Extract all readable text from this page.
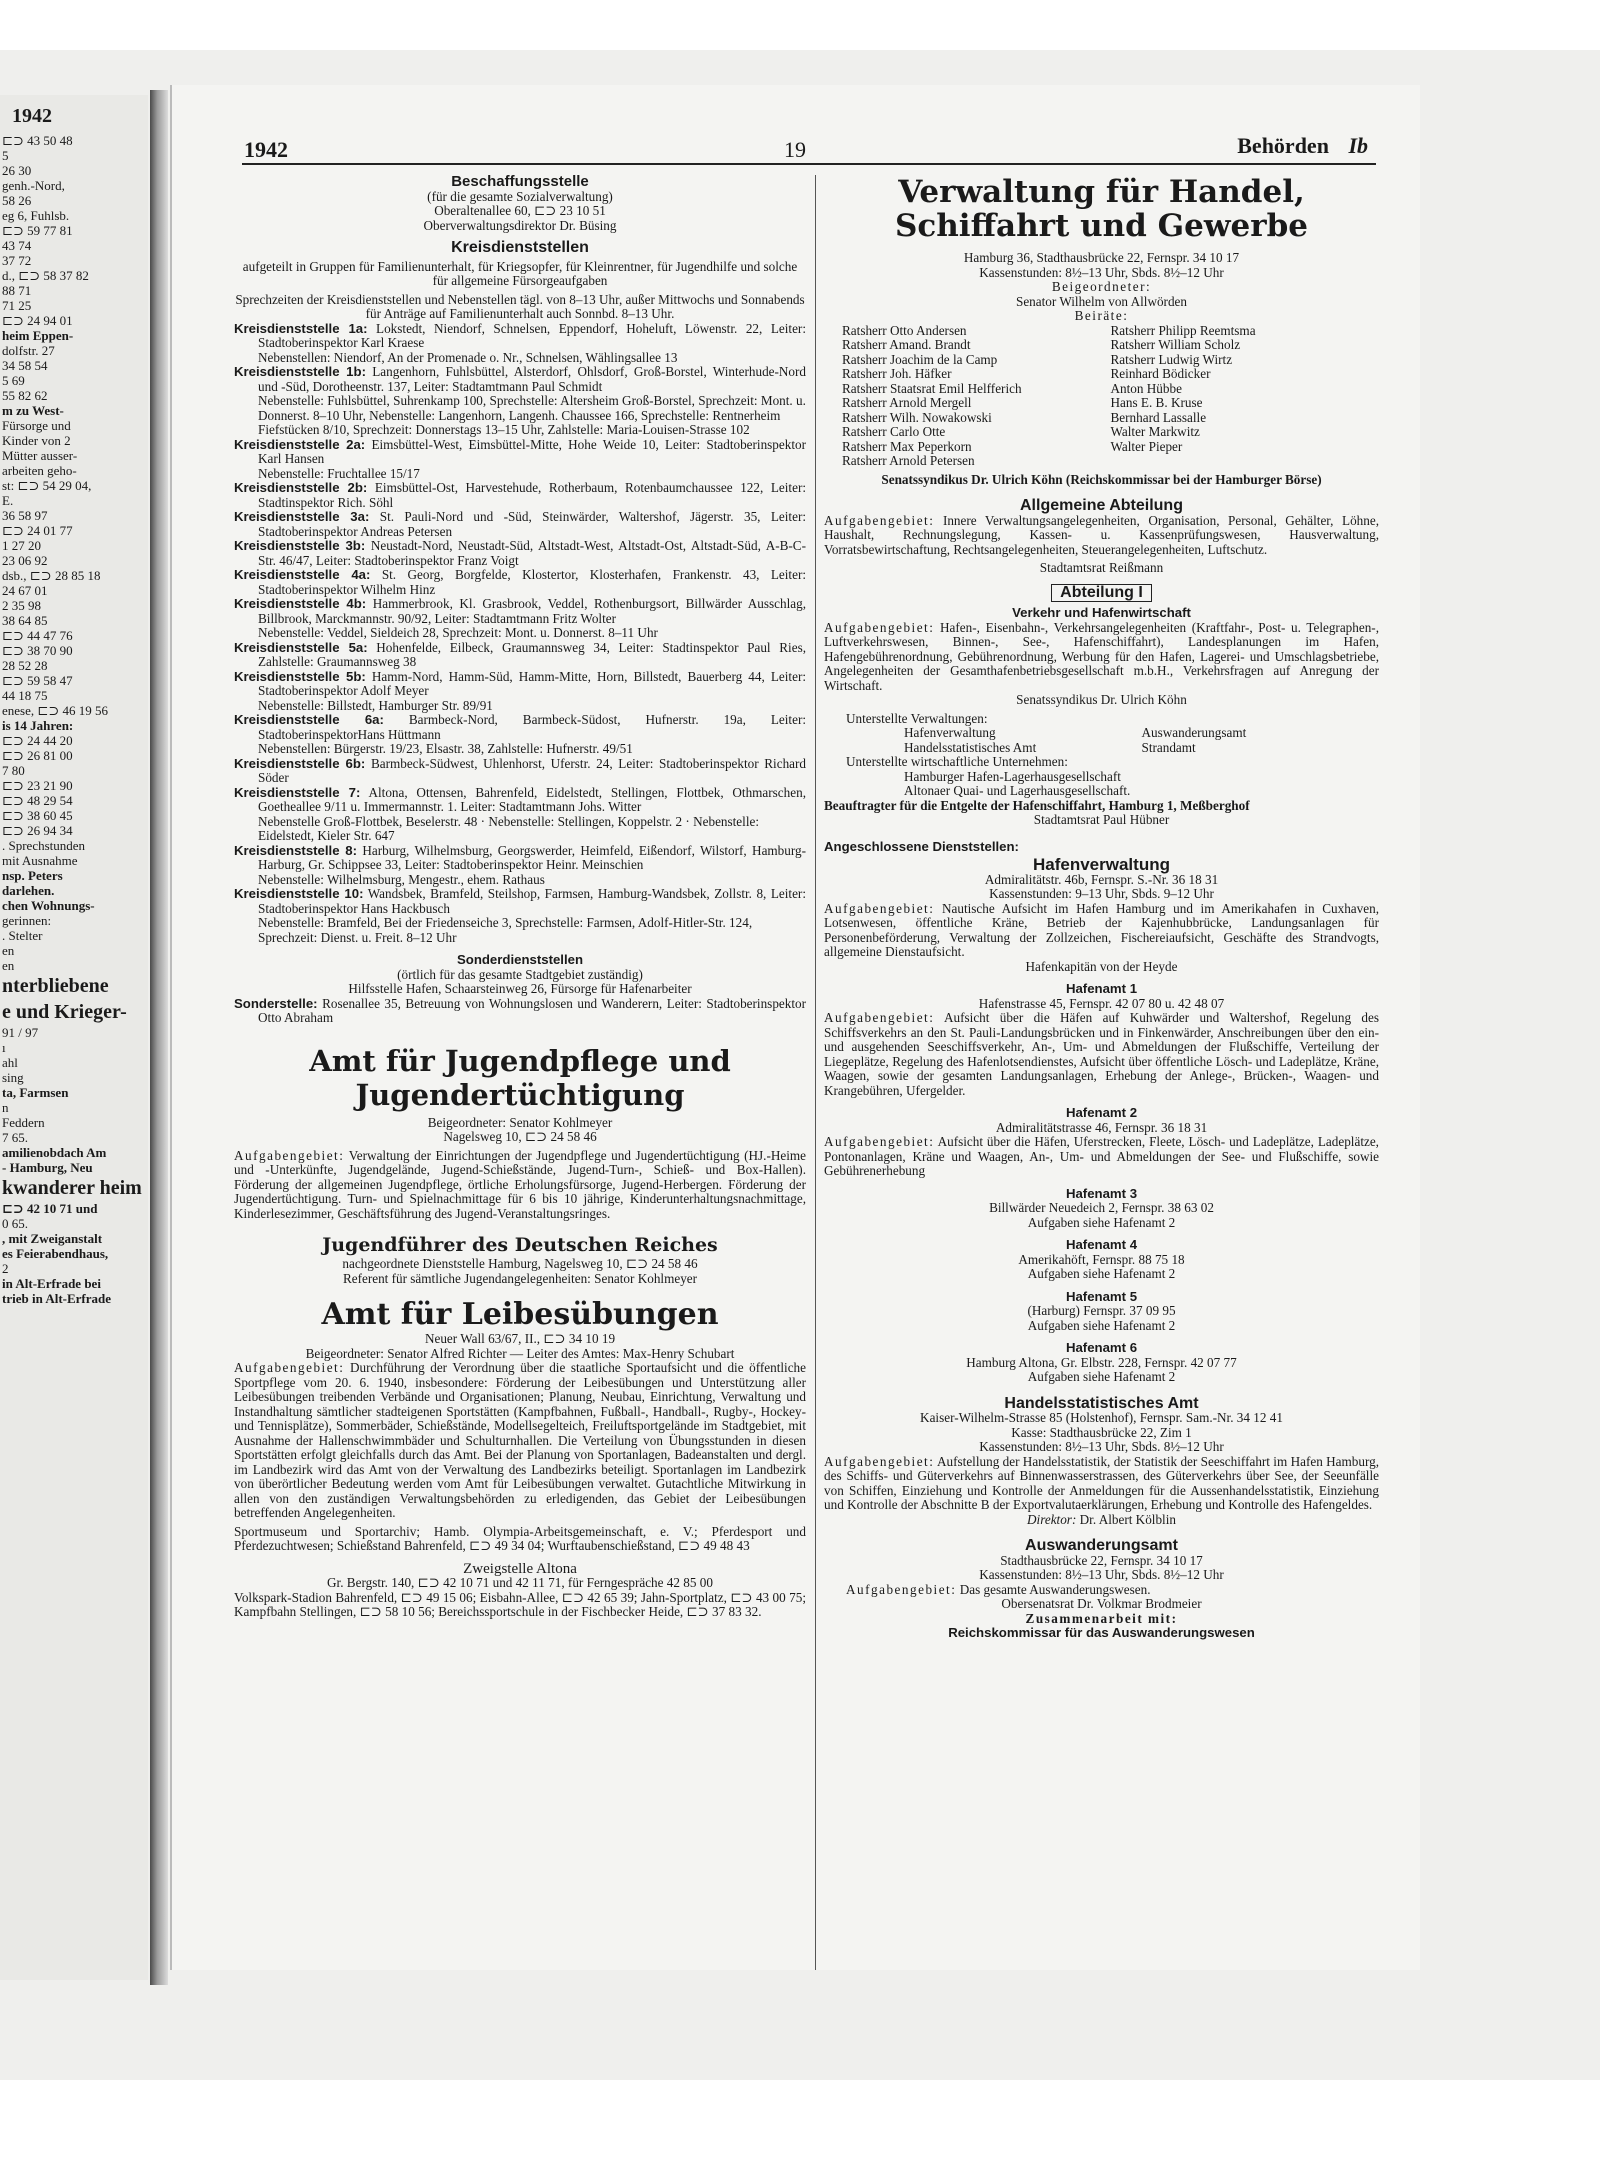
1942
⊏⊃ 43 50 48
5
26 30
genh.-Nord,
58 26
eg 6, Fuhlsb.
⊏⊃ 59 77 81
43 74
37 72
d., ⊏⊃ 58 37 82
88 71
71 25
⊏⊃ 24 94 01
heim Eppen-
dolfstr. 27
34 58 54
5 69
55 82 62
m zu West-
Fürsorge und
Kinder von 2
Mütter ausser-
arbeiten geho-
st: ⊏⊃ 54 29 04,
E.
36 58 97
⊏⊃ 24 01 77
1 27 20
23 06 92
dsb., ⊏⊃ 28 85 18
24 67 01
2 35 98
38 64 85
⊏⊃ 44 47 76
⊏⊃ 38 70 90
28 52 28
⊏⊃ 59 58 47
44 18 75
enese, ⊏⊃ 46 19 56
is 14 Jahren:
⊏⊃ 24 44 20
⊏⊃ 26 81 00
7 80
⊏⊃ 23 21 90
⊏⊃ 48 29 54
⊏⊃ 38 60 45
⊏⊃ 26 94 34
. Sprechstunden
mit Ausnahme
nsp. Peters
darlehen.
chen Wohnungs-
gerinnen:
. Stelter
en
en
nterbliebene
e und Krieger-
91 / 97
ı
ahl
sing
ta, Farmsen
n
Feddern
7 65.
amilienobdach Am
- Hamburg, Neu
kwanderer heim
⊏⊃ 42 10 71 und
0 65.
, mit Zweiganstalt
es Feierabendhaus,
2
in Alt-Erfrade bei
trieb in Alt-Erfrade
1942	19	Behörden Ib
Beschaffungsstelle
(für die gesamte Sozialverwaltung)
Oberaltenallee 60, ⊏⊃ 23 10 51
Oberverwaltungsdirektor Dr. Büsing
Kreisdienststellen
aufgeteilt in Gruppen für Familienunterhalt, für Kriegsopfer, für Kleinrentner, für Jugendhilfe und solche für allgemeine Fürsorgeaufgaben
Sprechzeiten der Kreisdienststellen und Nebenstellen tägl. von 8–13 Uhr, außer Mittwochs und Sonnabends
für Anträge auf Familienunterhalt auch Sonnbd. 8–13 Uhr.
Kreisdienststelle 1a: Lokstedt, Niendorf, Schnelsen, Eppendorf, Hoheluft, Löwenstr. 22, Leiter: Stadtoberinspektor Karl Kraese
Nebenstellen: Niendorf, An der Promenade o. Nr., Schnelsen, Wählingsallee 13
Kreisdienststelle 1b: Langenhorn, Fuhlsbüttel, Alsterdorf, Ohlsdorf, Groß-Borstel, Winterhude-Nord und -Süd, Dorotheenstr. 137, Leiter: Stadtamtmann Paul Schmidt
Nebenstelle: Fuhlsbüttel, Suhrenkamp 100, Sprechstelle: Altersheim Groß-Borstel, Sprechzeit: Mont. u. Donnerst. 8–10 Uhr, Nebenstelle: Langenhorn, Langenh. Chaussee 166, Sprechstelle: Rentnerheim Fiefstücken 8/10, Sprechzeit: Donnerstags 13–15 Uhr, Zahlstelle: Maria-Louisen-Strasse 102
Kreisdienststelle 2a: Eimsbüttel-West, Eimsbüttel-Mitte, Hohe Weide 10, Leiter: Stadtoberinspektor Karl Hansen
Nebenstelle: Fruchtallee 15/17
Kreisdienststelle 2b: Eimsbüttel-Ost, Harvestehude, Rotherbaum, Rotenbaumchaussee 122, Leiter: Stadtinspektor Rich. Söhl
Kreisdienststelle 3a: St. Pauli-Nord und -Süd, Steinwärder, Waltershof, Jägerstr. 35, Leiter: Stadtoberinspektor Andreas Petersen
Kreisdienststelle 3b: Neustadt-Nord, Neustadt-Süd, Altstadt-West, Altstadt-Ost, Altstadt-Süd, A-B-C-Str. 46/47, Leiter: Stadtoberinspektor Franz Voigt
Kreisdienststelle 4a: St. Georg, Borgfelde, Klostertor, Klosterhafen, Frankenstr. 43, Leiter: Stadtoberinspektor Wilhelm Hinz
Kreisdienststelle 4b: Hammerbrook, Kl. Grasbrook, Veddel, Rothenburgsort, Billwärder Ausschlag, Billbrook, Marckmannstr. 90/92, Leiter: Stadtamtmann Fritz Wolter
Nebenstelle: Veddel, Sieldeich 28, Sprechzeit: Mont. u. Donnerst. 8–11 Uhr
Kreisdienststelle 5a: Hohenfelde, Eilbeck, Graumannsweg 34, Leiter: Stadtinspektor Paul Ries, Zahlstelle: Graumannsweg 38
Kreisdienststelle 5b: Hamm-Nord, Hamm-Süd, Hamm-Mitte, Horn, Billstedt, Bauerberg 44, Leiter: Stadtoberinspektor Adolf Meyer
Nebenstelle: Billstedt, Hamburger Str. 89/91
Kreisdienststelle 6a: Barmbeck-Nord, Barmbeck-Südost, Hufnerstr. 19a, Leiter: StadtoberinspektorHans Hüttmann
Nebenstellen: Bürgerstr. 19/23, Elsastr. 38, Zahlstelle: Hufnerstr. 49/51
Kreisdienststelle 6b: Barmbeck-Südwest, Uhlenhorst, Uferstr. 24, Leiter: Stadtoberinspektor Richard Söder
Kreisdienststelle 7: Altona, Ottensen, Bahrenfeld, Eidelstedt, Stellingen, Flottbek, Othmarschen, Goetheallee 9/11 u. Immermannstr. 1. Leiter: Stadtamtmann Johs. Witter
Nebenstelle Groß-Flottbek, Beselerstr. 48 · Nebenstelle: Stellingen, Koppelstr. 2 · Nebenstelle: Eidelstedt, Kieler Str. 647
Kreisdienststelle 8: Harburg, Wilhelmsburg, Georgswerder, Heimfeld, Eißendorf, Wilstorf, Hamburg-Harburg, Gr. Schippsee 33, Leiter: Stadtoberinspektor Heinr. Meinschien
Nebenstelle: Wilhelmsburg, Mengestr., ehem. Rathaus
Kreisdienststelle 10: Wandsbek, Bramfeld, Steilshop, Farmsen, Hamburg-Wandsbek, Zollstr. 8, Leiter: Stadtoberinspektor Hans Hackbusch
Nebenstelle: Bramfeld, Bei der Friedenseiche 3, Sprechstelle: Farmsen, Adolf-Hitler-Str. 124, Sprechzeit: Dienst. u. Freit. 8–12 Uhr
Sonderdienststellen
(örtlich für das gesamte Stadtgebiet zuständig)
Hilfsstelle Hafen, Schaarsteinweg 26, Fürsorge für Hafenarbeiter
Sonderstelle: Rosenallee 35, Betreuung von Wohnungslosen und Wanderern, Leiter: Stadtoberinspektor Otto Abraham
Amt für Jugendpflege und Jugendertüchtigung
Beigeordneter: Senator Kohlmeyer
Nagelsweg 10, ⊏⊃ 24 58 46
Aufgabengebiet: Verwaltung der Einrichtungen der Jugendpflege und Jugendertüchtigung (HJ.-Heime und -Unterkünfte, Jugendgelände, Jugend-Schießstände, Jugend-Turn-, Schieß- und Box-Hallen). Förderung der allgemeinen Jugendpflege, örtliche Erholungsfürsorge, Jugend-Herbergen. Förderung der Jugendertüchtigung. Turn- und Spielnachmittage für 6 bis 10 jährige, Kinderunterhaltungsnachmittage, Kinderlesezimmer, Geschäftsführung des Jugend-Veranstaltungsringes.
Jugendführer des Deutschen Reiches
nachgeordnete Dienststelle Hamburg, Nagelsweg 10, ⊏⊃ 24 58 46
Referent für sämtliche Jugendangelegenheiten: Senator Kohlmeyer
Amt für Leibesübungen
Neuer Wall 63/67, II., ⊏⊃ 34 10 19
Beigeordneter: Senator Alfred Richter — Leiter des Amtes: Max-Henry Schubart
Aufgabengebiet: Durchführung der Verordnung über die staatliche Sportaufsicht und die öffentliche Sportpflege vom 20. 6. 1940, insbesondere: Förderung der Leibesübungen und Unterstützung aller Leibesübungen treibenden Verbände und Organisationen; Planung, Neubau, Einrichtung, Verwaltung und Instandhaltung sämtlicher stadteigenen Sportstätten (Kampfbahnen, Fußball-, Handball-, Rugby-, Hockey- und Tennisplätze), Sommerbäder, Schießstände, Modellsegelteich, Freiluftsportgelände im Stadtgebiet, mit Ausnahme der Hallenschwimmbäder und Schulturnhallen. Die Verteilung von Übungsstunden in diesen Sportstätten erfolgt gleichfalls durch das Amt. Bei der Planung von Sportanlagen, Badeanstalten und dergl. im Landbezirk wird das Amt von der Verwaltung des Landbezirks beteiligt. Sportanlagen im Landbezirk von überörtlicher Bedeutung werden vom Amt für Leibesübungen verwaltet. Gutachtliche Mitwirkung in allen von den zuständigen Verwaltungsbehörden zu erledigenden, das Gebiet der Leibesübungen betreffenden Angelegenheiten.
Sportmuseum und Sportarchiv; Hamb. Olympia-Arbeitsgemeinschaft, e. V.; Pferdesport und Pferdezuchtwesen; Schießstand Bahrenfeld, ⊏⊃ 49 34 04; Wurftaubenschießstand, ⊏⊃ 49 48 43
Zweigstelle Altona
Gr. Bergstr. 140, ⊏⊃ 42 10 71 und 42 11 71, für Ferngespräche 42 85 00
Volkspark-Stadion Bahrenfeld, ⊏⊃ 49 15 06; Eisbahn-Allee, ⊏⊃ 42 65 39; Jahn-Sportplatz, ⊏⊃ 43 00 75; Kampfbahn Stellingen, ⊏⊃ 58 10 56; Bereichssportschule in der Fischbecker Heide, ⊏⊃ 37 83 32.
Verwaltung für Handel, Schiffahrt und Gewerbe
Hamburg 36, Stadthausbrücke 22, Fernspr. 34 10 17
Kassenstunden: 8½–13 Uhr, Sbds. 8½–12 Uhr
Beigeordneter:
Senator Wilhelm von Allwörden
Beiräte:
Ratsherr Otto Andersen
Ratsherr Amand. Brandt
Ratsherr Joachim de la Camp
Ratsherr Joh. Häfker
Ratsherr Staatsrat Emil Helfferich
Ratsherr Arnold Mergell
Ratsherr Wilh. Nowakowski
Ratsherr Carlo Otte
Ratsherr Max Peperkorn
Ratsherr Arnold Petersen
Ratsherr Philipp Reemtsma
Ratsherr William Scholz
Ratsherr Ludwig Wirtz
Reinhard Bödicker
Anton Hübbe
Hans E. B. Kruse
Bernhard Lassalle
Walter Markwitz
Walter Pieper
Senatssyndikus Dr. Ulrich Köhn (Reichskommissar bei der Hamburger Börse)
Allgemeine Abteilung
Aufgabengebiet: Innere Verwaltungsangelegenheiten, Organisation, Personal, Gehälter, Löhne, Haushalt, Rechnungslegung, Kassen- u. Kassenprüfungswesen, Hausverwaltung, Vorratsbewirtschaftung, Rechtsangelegenheiten, Steuerangelegenheiten, Luftschutz.
Stadtamtsrat Reißmann
Abteilung I
Verkehr und Hafenwirtschaft
Aufgabengebiet: Hafen-, Eisenbahn-, Verkehrsangelegenheiten (Kraftfahr-, Post- u. Telegraphen-, Luftverkehrswesen, Binnen-, See-, Hafenschiffahrt), Landesplanungen im Hafen, Hafengebührenordnung, Gebührenordnung, Werbung für den Hafen, Lagerei- und Umschlagsbetriebe, Angelegenheiten der Gesamthafenbetriebsgesellschaft m.b.H., Verkehrsfragen auf Anregung der Wirtschaft.
Senatssyndikus Dr. Ulrich Köhn
Unterstellte Verwaltungen:
Hafenverwaltung
Handelsstatistisches Amt
Auswanderungsamt
Strandamt
Unterstellte wirtschaftliche Unternehmen:
Hamburger Hafen-Lagerhausgesellschaft
Altonaer Quai- und Lagerhausgesellschaft.
Beauftragter für die Entgelte der Hafenschiffahrt, Hamburg 1, Meßberghof
Stadtamtsrat Paul Hübner
Angeschlossene Dienststellen:
Hafenverwaltung
Admiralitätstr. 46b, Fernspr. S.-Nr. 36 18 31
Kassenstunden: 9–13 Uhr, Sbds. 9–12 Uhr
Aufgabengebiet: Nautische Aufsicht im Hafen Hamburg und im Amerikahafen in Cuxhaven, Lotsenwesen, öffentliche Kräne, Betrieb der Kajenhubbrücke, Landungsanlagen für Personenbeförderung, Verwaltung der Zollzeichen, Fischereiaufsicht, Geschäfte des Strandvogts, allgemeine Dienstaufsicht.
Hafenkapitän von der Heyde
Hafenamt 1
Hafenstrasse 45, Fernspr. 42 07 80 u. 42 48 07
Aufgabengebiet: Aufsicht über die Häfen auf Kuhwärder und Waltershof, Regelung des Schiffsverkehrs an den St. Pauli-Landungsbrücken und in Finkenwärder, Anschreibungen über den ein- und ausgehenden Seeschiffsverkehr, An-, Um- und Abmeldungen der Flußschiffe, Verteilung der Liegeplätze, Regelung des Hafenlotsendienstes, Aufsicht über öffentliche Lösch- und Ladeplätze, Kräne, Waagen, sowie der gesamten Landungsanlagen, Erhebung der Anlege-, Brücken-, Waagen- und Krangebühren, Ufergelder.
Hafenamt 2
Admiralitätstrasse 46, Fernspr. 36 18 31
Aufgabengebiet: Aufsicht über die Häfen, Uferstrecken, Fleete, Lösch- und Ladeplätze, Ladeplätze, Pontonanlagen, Kräne und Waagen, An-, Um- und Abmeldungen der See- und Flußschiffe, sowie Gebührenerhebung
Hafenamt 3
Billwärder Neuedeich 2, Fernspr. 38 63 02
Aufgaben siehe Hafenamt 2
Hafenamt 4
Amerikahöft, Fernspr. 88 75 18
Aufgaben siehe Hafenamt 2
Hafenamt 5
(Harburg) Fernspr. 37 09 95
Aufgaben siehe Hafenamt 2
Hafenamt 6
Hamburg Altona, Gr. Elbstr. 228, Fernspr. 42 07 77
Aufgaben siehe Hafenamt 2
Handelsstatistisches Amt
Kaiser-Wilhelm-Strasse 85 (Holstenhof), Fernspr. Sam.-Nr. 34 12 41
Kasse: Stadthausbrücke 22, Zim 1
Kassenstunden: 8½–13 Uhr, Sbds. 8½–12 Uhr
Aufgabengebiet: Aufstellung der Handelsstatistik, der Statistik der Seeschiffahrt im Hafen Hamburg, des Schiffs- und Güterverkehrs auf Binnenwasserstrassen, des Güterverkehrs über See, der Seeunfälle von Schiffen, Einziehung und Kontrolle der Anmeldungen für die Aussenhandelsstatistik, Einziehung und Kontrolle der Abschnitte B der Exportvalutaerklärungen, Erhebung und Kontrolle des Hafengeldes.
Direktor: Dr. Albert Kölblin
Auswanderungsamt
Stadthausbrücke 22, Fernspr. 34 10 17
Kassenstunden: 8½–13 Uhr, Sbds. 8½–12 Uhr
Aufgabengebiet: Das gesamte Auswanderungswesen.
Obersenatsrat Dr. Volkmar Brodmeier
Zusammenarbeit mit:
Reichskommissar für das Auswanderungswesen
